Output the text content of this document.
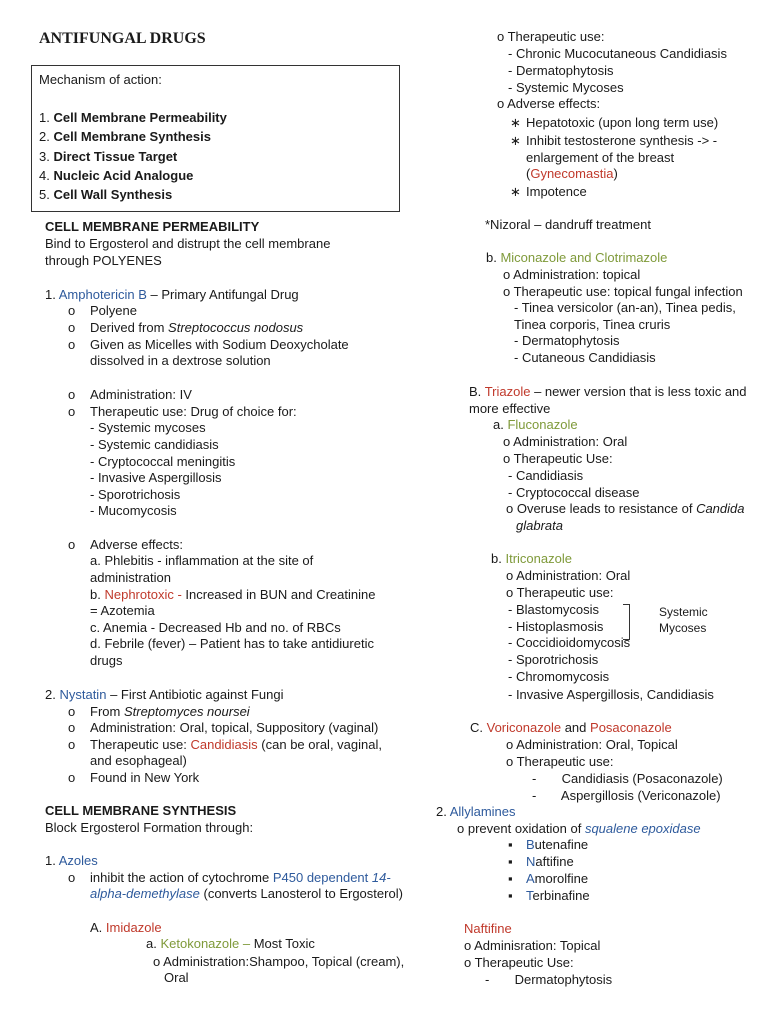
ANTIFUNGAL DRUGS
Mechanism of action:
1. Cell Membrane Permeability
2. Cell Membrane Synthesis
3. Direct Tissue Target
4. Nucleic Acid Analogue
5. Cell Wall Synthesis
CELL MEMBRANE PERMEABILITY
Bind to Ergosterol and distrupt the cell membrane
through POLYENES
1. Amphotericin B – Primary Antifungal Drug
o Polyene
o Derived from Streptococcus nodosus
o Given as Micelles with Sodium Deoxycholate
dissolved in a dextrose solution
o Administration: IV
o Therapeutic use: Drug of choice for:
- Systemic mycoses
- Systemic candidiasis
- Cryptococcal meningitis
- Invasive Aspergillosis
- Sporotrichosis
- Mucomycosis
o Adverse effects:
a. Phlebitis - inflammation at the site of
administration
b. Nephrotoxic - Increased in BUN and Creatinine
= Azotemia
c. Anemia - Decreased Hb and no. of RBCs
d. Febrile (fever) – Patient has to take antidiuretic
drugs
2. Nystatin – First Antibiotic against Fungi
o From Streptomyces noursei
o Administration: Oral, topical, Suppository (vaginal)
o Therapeutic use: Candidiasis (can be oral, vaginal,
and esophageal)
o Found in New York
CELL MEMBRANE SYNTHESIS
Block Ergosterol Formation through:
1. Azoles
o inhibit the action of cytochrome P450 dependent 14-
alpha-demethylase (converts Lanosterol to Ergosterol)
A. Imidazole
a. Ketokonazole – Most Toxic
o Administration:Shampoo, Topical (cream),
Oral
o Therapeutic use:
- Chronic Mucocutaneous Candidiasis
- Dermatophytosis
- Systemic Mycoses
o Adverse effects:
∗ Hepatotoxic (upon long term use)
∗ Inhibit testosterone synthesis -> -
enlargement of the breast
(Gynecomastia)
∗ Impotence
*Nizoral – dandruff treatment
b. Miconazole and Clotrimazole
o Administration: topical
o Therapeutic use: topical fungal infection
- Tinea versicolor (an-an), Tinea pedis,
Tinea corporis, Tinea cruris
- Dermatophytosis
- Cutaneous Candidiasis
B. Triazole – newer version that is less toxic and
more effective
a. Fluconazole
o Administration: Oral
o Therapeutic Use:
- Candidiasis
- Cryptococcal disease
o Overuse leads to resistance of Candida
glabrata
b. Itriconazole
o Administration: Oral
o Therapeutic use:
- Blastomycosis
- Histoplasmosis
- Coccidioidomycosis
- Sporotrichosis
- Chromomycosis
- Invasive Aspergillosis, Candidiasis
Systemic
Mycoses
C. Voriconazole and Posaconazole
o Administration: Oral, Topical
o Therapeutic use:
-       Candidiasis (Posaconazole)
-       Aspergillosis (Vericonazole)
2. Allylamines
o prevent oxidation of squalene epoxidase
▪ Butenafine
▪ Naftifine
▪ Amorolfine
▪ Terbinafine
Naftifine
o Adminisration: Topical
o Therapeutic Use:
-       Dermatophytosis
